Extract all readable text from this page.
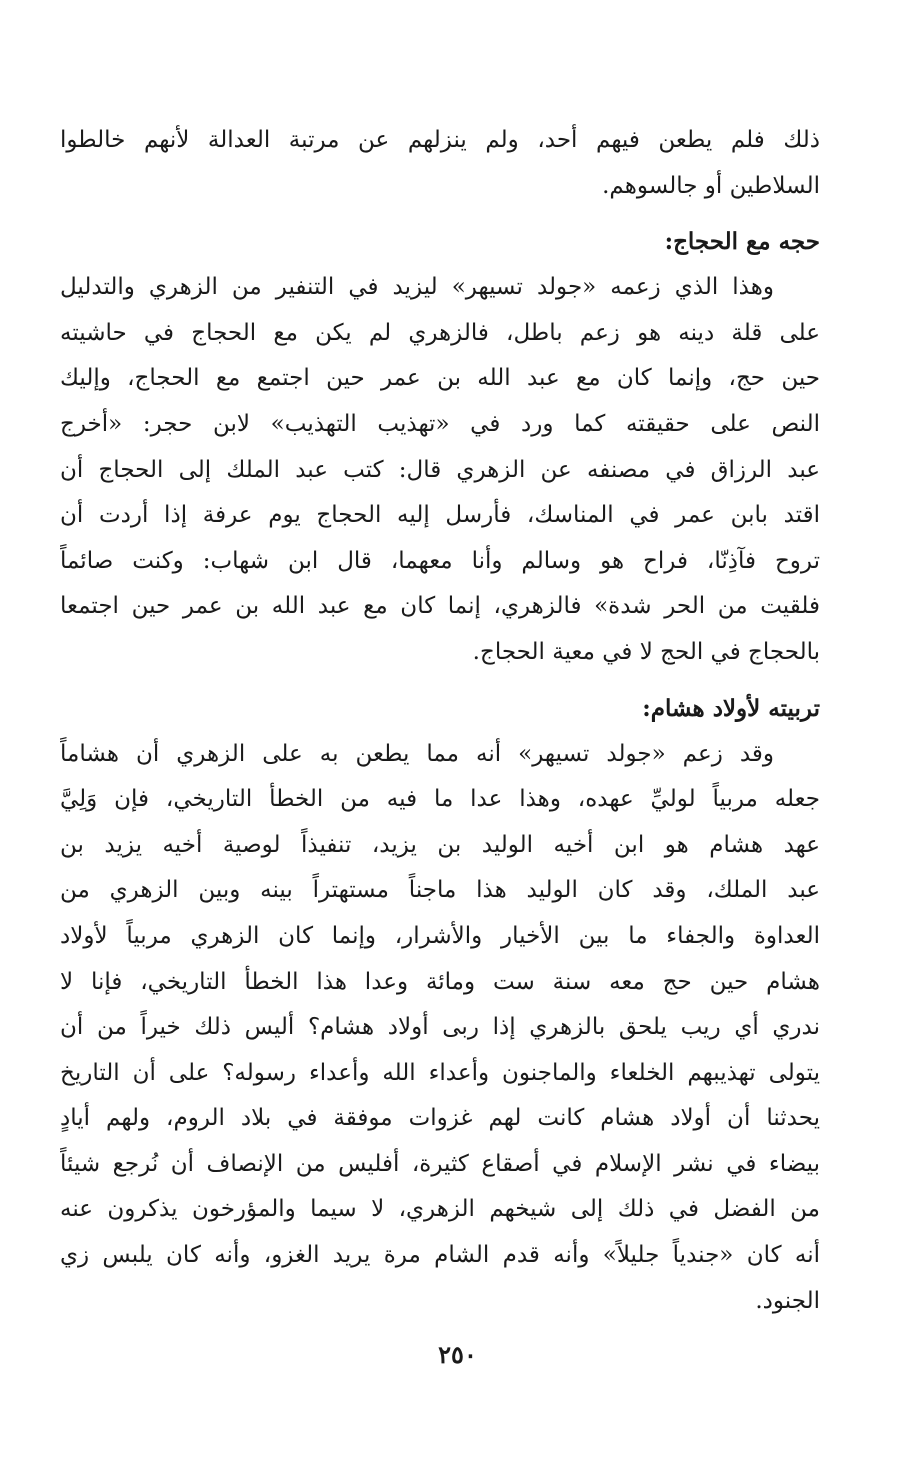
ذلك فلم يطعن فيهم أحد، ولم ينزلهم عن مرتبة العدالة لأنهم خالطوا
السلاطين أو جالسوهم.
حجه مع الحجاج:
وهذا الذي زعمه «جولد تسيهر» ليزيد في التنفير من الزهري والتدليل
على قلة دينه هو زعم باطل، فالزهري لم يكن مع الحجاج في حاشيته
حين حج، وإنما كان مع عبد الله بن عمر حين اجتمع مع الحجاج، وإليك
النص على حقيقته كما ورد في «تهذيب التهذيب» لابن حجر: «أخرج
عبد الرزاق في مصنفه عن الزهري قال: كتب عبد الملك إلى الحجاج أن
اقتد بابن عمر في المناسك، فأرسل إليه الحجاج يوم عرفة إذا أردت أن
تروح فآذِنّا، فراح هو وسالم وأنا معهما، قال ابن شهاب: وكنت صائماً
فلقيت من الحر شدة» فالزهري، إنما كان مع عبد الله بن عمر حين اجتمعا
بالحجاج في الحج لا في معية الحجاج.
تربيته لأولاد هشام:
وقد زعم «جولد تسيهر» أنه مما يطعن به على الزهري أن هشاماً
جعله مربياً لوليِّ عهده، وهذا عدا ما فيه من الخطأ التاريخي، فإن وَلِيَّ
عهد هشام هو ابن أخيه الوليد بن يزيد، تنفيذاً لوصية أخيه يزيد بن
عبد الملك، وقد كان الوليد هذا ماجناً مستهتراً بينه وبين الزهري من
العداوة والجفاء ما بين الأخيار والأشرار، وإنما كان الزهري مربياً لأولاد
هشام حين حج معه سنة ست ومائة وعدا هذا الخطأ التاريخي، فإنا لا
ندري أي ريب يلحق بالزهري إذا ربى أولاد هشام؟ أليس ذلك خيراً من أن
يتولى تهذيبهم الخلعاء والماجنون وأعداء الله وأعداء رسوله؟ على أن التاريخ
يحدثنا أن أولاد هشام كانت لهم غزوات موفقة في بلاد الروم، ولهم أيادٍ
بيضاء في نشر الإسلام في أصقاع كثيرة، أفليس من الإنصاف أن نُرجع شيئاً
من الفضل في ذلك إلى شيخهم الزهري، لا سيما والمؤرخون يذكرون عنه
أنه كان «جندياً جليلاً» وأنه قدم الشام مرة يريد الغزو، وأنه كان يلبس زي
الجنود.
٢٥٠
